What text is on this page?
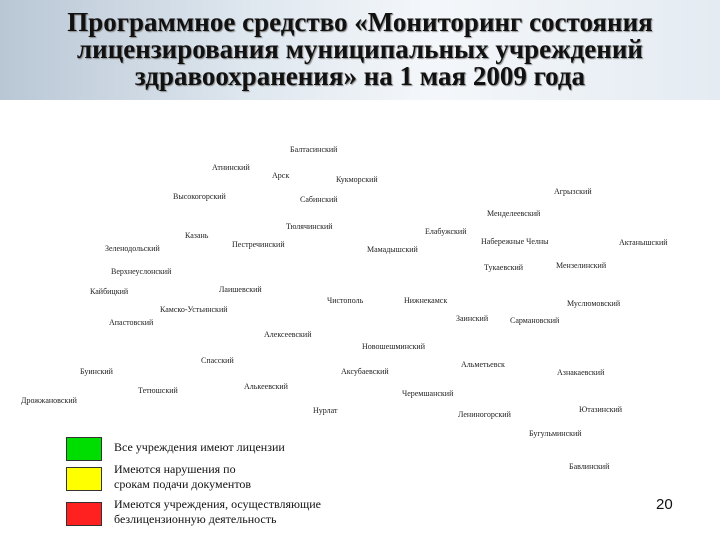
Программное средство «Мониторинг состояния
лицензирования муниципальных учреждений
здравоохранения» на 1 мая 2009 года
Балтасинский
Атнинский
Арск	Кукморский
Агрызский
Высокогорский	Сабинский
Менделеевский
Тюлячинский
Елабужский
Казань
Пестречинский	Набережные Челны	Актанышский
Зеленодольский	Мамадышский
Тукаевский	Мензелинский
Верхнеуслонский
Лаишевский
Кайбицкий
Чистополь	Нижнекамск	Муслюмовский
Камско-Устьинский
Заинский	Сармановский
Апастовский
Алексеевский
Новошешминский
Спасский	Альметьевск
Буинский	Аксубаевский	Азнакаевский
Тетюшский	Алькеевский
Дрожжановский
Черемшанский
Нурлат	Лениногорский
Ютазинский
Бугульминский
Бавлинский
Все учреждения имеют лицензии
Имеются нарушения по
срокам подачи документов
Имеются учреждения, осуществляющие
безлицензионную деятельность
20
